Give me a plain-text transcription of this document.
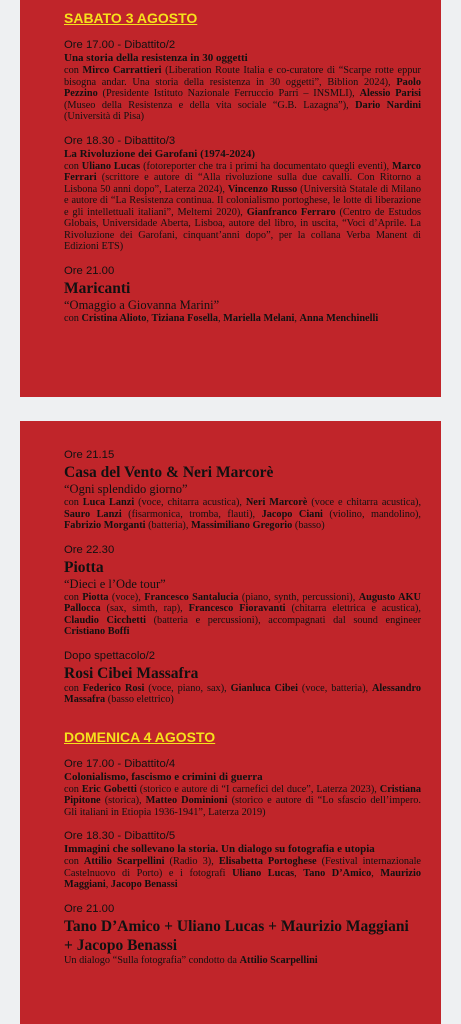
SABATO 3 AGOSTO
Ore 17.00 - Dibattito/2
Una storia della resistenza in 30 oggetti
con Mirco Carrattieri (Liberation Route Italia e co-curatore di “Scarpe rotte eppur bisogna andar. Una storia della resistenza in 30 oggetti”, Biblion 2024), Paolo Pezzino (Presidente Istituto Nazionale Ferruccio Parri – INSMLI), Alessio Parisi (Museo della Resistenza e della vita sociale “G.B. Lazagna”), Dario Nardini (Università di Pisa)
Ore 18.30 - Dibattito/3
La Rivoluzione dei Garofani (1974-2024)
con Uliano Lucas (fotoreporter che tra i primi ha documentato quegli eventi), Marco Ferrari (scrittore e autore di “Alla rivoluzione sulla due cavalli. Con Ritorno a Lisbona 50 anni dopo”, Laterza 2024), Vincenzo Russo (Università Statale di Milano e autore di “La Resistenza continua. Il colonialismo portoghese, le lotte di liberazione e gli intellettuali italiani”, Meltemi 2020), Gianfranco Ferraro (Centro de Estudos Globais, Universidade Aberta, Lisboa, autore del libro, in uscita, “Voci d’Aprile. La Rivoluzione dei Garofani, cinquant’anni dopo”, per la collana Verba Manent di Edizioni ETS)
Ore 21.00
Maricanti
“Omaggio a Giovanna Marini”
con Cristina Alioto, Tiziana Fosella, Mariella Melani, Anna Menchinelli
Ore 21.15
Casa del Vento & Neri Marcorè
“Ogni splendido giorno”
con Luca Lanzi (voce, chitarra acustica), Neri Marcorè (voce e chitarra acustica), Sauro Lanzi (fisarmonica, tromba, flauti), Jacopo Ciani (violino, mandolino), Fabrizio Morganti (batteria), Massimiliano Gregorio (basso)
Ore 22.30
Piotta
“Dieci e l’Ode tour”
con Piotta (voce), Francesco Santalucia (piano, synth, percussioni), Augusto AKU Pallocca (sax, simth, rap), Francesco Fioravanti (chitarra elettrica e acustica), Claudio Cicchetti (batteria e percussioni), accompagnati dal sound engineer Cristiano Boffi
Dopo spettacolo/2
Rosi Cibei Massafra
con Federico Rosi (voce, piano, sax), Gianluca Cibei (voce, batteria), Alessandro Massafra (basso elettrico)
DOMENICA 4 AGOSTO
Ore 17.00 - Dibattito/4
Colonialismo, fascismo e crimini di guerra
con Eric Gobetti (storico e autore di “I carnefici del duce”, Laterza 2023), Cristiana Pipitone (storica), Matteo Dominioni (storico e autore di “Lo sfascio dell’impero. Gli italiani in Etiopia 1936-1941”, Laterza 2019)
Ore 18.30 - Dibattito/5
Immagini che sollevano la storia. Un dialogo su fotografia e utopia
con Attilio Scarpellini (Radio 3), Elisabetta Portoghese (Festival internazionale Castelnuovo di Porto) e i fotografi Uliano Lucas, Tano D’Amico, Maurizio Maggiani, Jacopo Benassi
Ore 21.00
Tano D’Amico + Uliano Lucas + Maurizio Maggiani + Jacopo Benassi
Un dialogo “Sulla fotografia” condotto da Attilio Scarpellini
